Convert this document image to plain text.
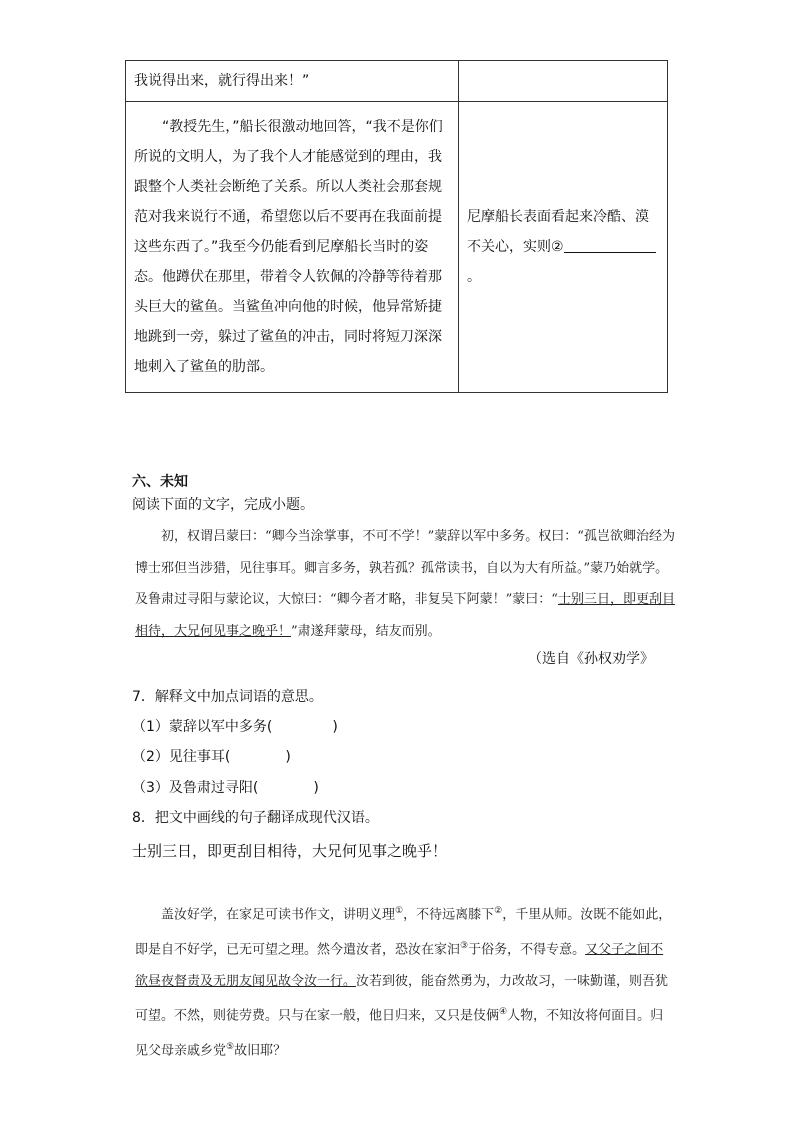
我说得出来，就行得出来！”	

“教授先生，”船长很激动地回答，“我不是你们所说的文明人，为了我个人才能感觉到的理由，我跟整个人类社会断绝了关系。所以人类社会那套规范对我来说行不通，希望您以后不要再在我面前提这些东西了。”我至今仍能看到尼摩船长当时的姿态。他蹲伏在那里，带着令人钦佩的冷静等待着那头巨大的鲨鱼。当鲨鱼冲向他的时候，他异常矫捷地跳到一旁，躲过了鲨鱼的冲击，同时将短刀深深地刺入了鲨鱼的肋部。	尼摩船长表面看起来冷酷、漠不关心，实则②。

六、未知
阅读下面的文字，完成小题。

初，权谓吕蒙曰：“卿今当涂掌事，不可不学！”蒙辞以军中多务。权曰：“孤岂欲卿治经为博士邪但当涉猎，见往事耳。卿言多务，孰若孤？孤常读书，自以为大有所益。”蒙乃始就学。及鲁肃过寻阳与蒙论议，大惊曰：“卿今者才略，非复吴下阿蒙！”蒙曰：“士别三日，即更刮目相待，大兄何见事之晚乎！”肃遂拜蒙母，结友而别。

（选自《孙权劝学》
7．解释文中加点词语的意思。
（1）蒙辞以军中多务(	)
（2）见往事耳(	)
（3）及鲁肃过寻阳(	)
8．把文中画线的句子翻译成现代汉语。
士别三日，即更刮目相待，大兄何见事之晚乎！

盖汝好学，在家足可读书作文，讲明义理①，不待远离膝下②，千里从师。汝既不能如此，即是自不好学，已无可望之理。然今遣汝者，恐汝在家汩③于俗务，不得专意。又父子之间不欲昼夜督责及无朋友闻见故令汝一行。汝若到彼，能奋然勇为，力改故习，一味勤谨，则吾犹可望。不然，则徒劳费。只与在家一般，他日归来，又只是伎俩④人物，不知汝将何面目。归见父母亲戚乡党⑤故旧耶？
